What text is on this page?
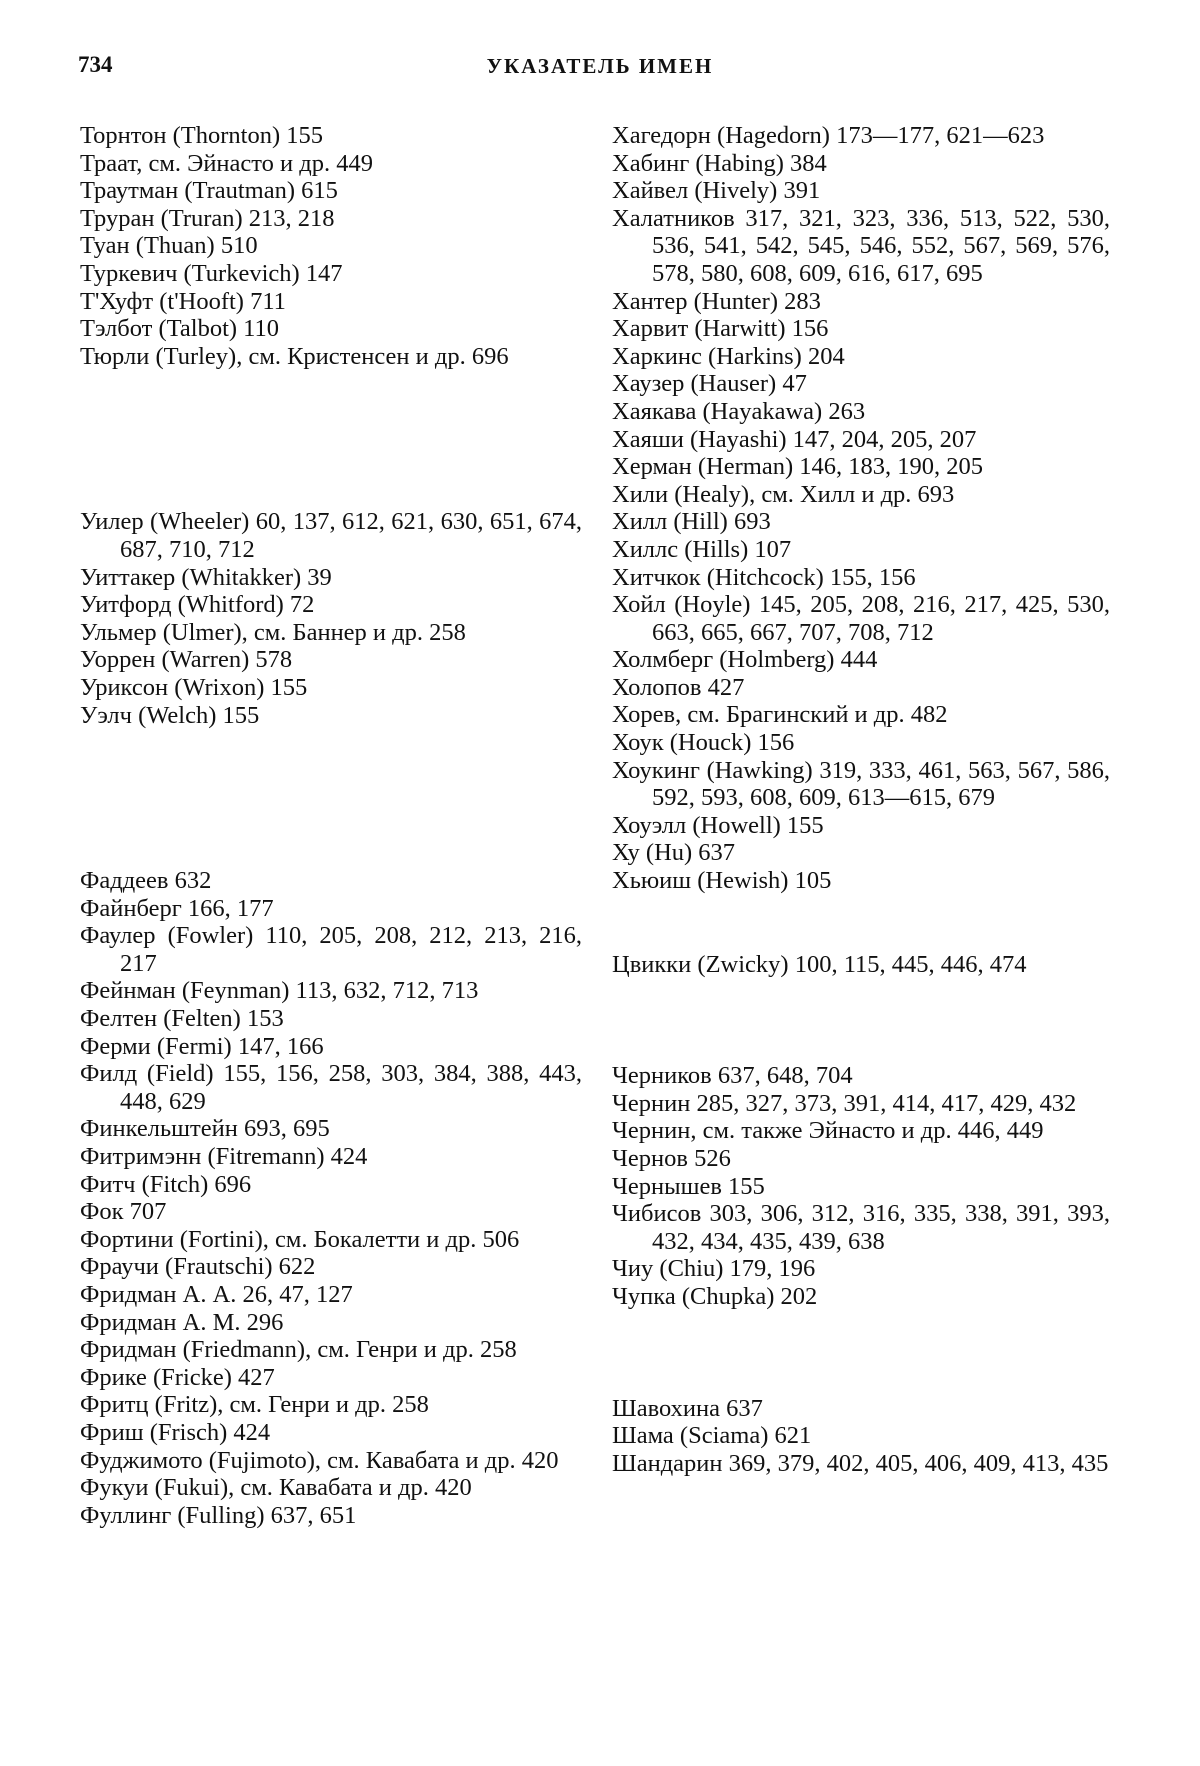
734	УКАЗАТЕЛЬ ИМЕН

Торнтон (Thornton) 155

Траат, см. Эйнасто и др. 449

Траутман (Trautman) 615

Труран (Truran) 213, 218

Туан (Thuan) 510

Туркевич (Turkevich) 147

Т'Хуфт (t'Hooft) 711

Тэлбот (Talbot) 110

Тюрли (Turley), см. Кристенсен и др. 696

Уилер (Wheeler) 60, 137, 612, 621, 630, 651, 674, 687, 710, 712

Уиттакер (Whitakker) 39

Уитфорд (Whitford) 72

Ульмер (Ulmer), см. Баннер и др. 258

Уоррен (Warren) 578

Уриксон (Wrixon) 155

Уэлч (Welch) 155

Фаддеев 632

Файнберг 166, 177

Фаулер (Fowler) 110, 205, 208, 212, 213, 216, 217

Фейнман (Feynman) 113, 632, 712, 713

Фелтен (Felten) 153

Ферми (Fermi) 147, 166

Филд (Field) 155, 156, 258, 303, 384, 388, 443, 448, 629

Финкельштейн 693, 695

Фитримэнн (Fitremann) 424

Фитч (Fitch) 696

Фок 707

Фортини (Fortini), см. Бокалетти и др. 506

Фраучи (Frautschi) 622

Фридман А. А. 26, 47, 127

Фридман А. М. 296

Фридман (Friedmann), см. Генри и др. 258

Фрике (Fricke) 427

Фритц (Fritz), см. Генри и др. 258

Фриш (Frisch) 424

Фуджимото (Fujimoto), см. Кавабата и др. 420

Фукуи (Fukui), см. Кавабата и др. 420

Фуллинг (Fulling) 637, 651

Хагедорн (Hagedorn) 173—177, 621—623

Хабинг (Habing) 384

Хайвел (Hively) 391

Халатников 317, 321, 323, 336, 513, 522, 530, 536, 541, 542, 545, 546, 552, 567, 569, 576, 578, 580, 608, 609, 616, 617, 695

Хантер (Hunter) 283

Харвит (Harwitt) 156

Харкинс (Harkins) 204

Хаузер (Hauser) 47

Хаякава (Hayakawa) 263

Хаяши (Hayashi) 147, 204, 205, 207

Херман (Herman) 146, 183, 190, 205

Хили (Healy), см. Хилл и др. 693

Хилл (Hill) 693

Хиллс (Hills) 107

Хитчкок (Hitchcock) 155, 156

Хойл (Hoyle) 145, 205, 208, 216, 217, 425, 530, 663, 665, 667, 707, 708, 712

Холмберг (Holmberg) 444

Холопов 427

Хорев, см. Брагинский и др. 482

Хоук (Houck) 156

Хоукинг (Hawking) 319, 333, 461, 563, 567, 586, 592, 593, 608, 609, 613—615, 679

Хоуэлл (Howell) 155

Ху (Hu) 637

Хьюиш (Hewish) 105

Цвикки (Zwicky) 100, 115, 445, 446, 474

Черников 637, 648, 704

Чернин 285, 327, 373, 391, 414, 417, 429, 432

Чернин, см. также Эйнасто и др. 446, 449

Чернов 526

Чернышев 155

Чибисов 303, 306, 312, 316, 335, 338, 391, 393, 432, 434, 435, 439, 638

Чиу (Chiu) 179, 196

Чупка (Chupka) 202

Шавохина 637

Шама (Sciama) 621

Шандарин 369, 379, 402, 405, 406, 409, 413, 435
